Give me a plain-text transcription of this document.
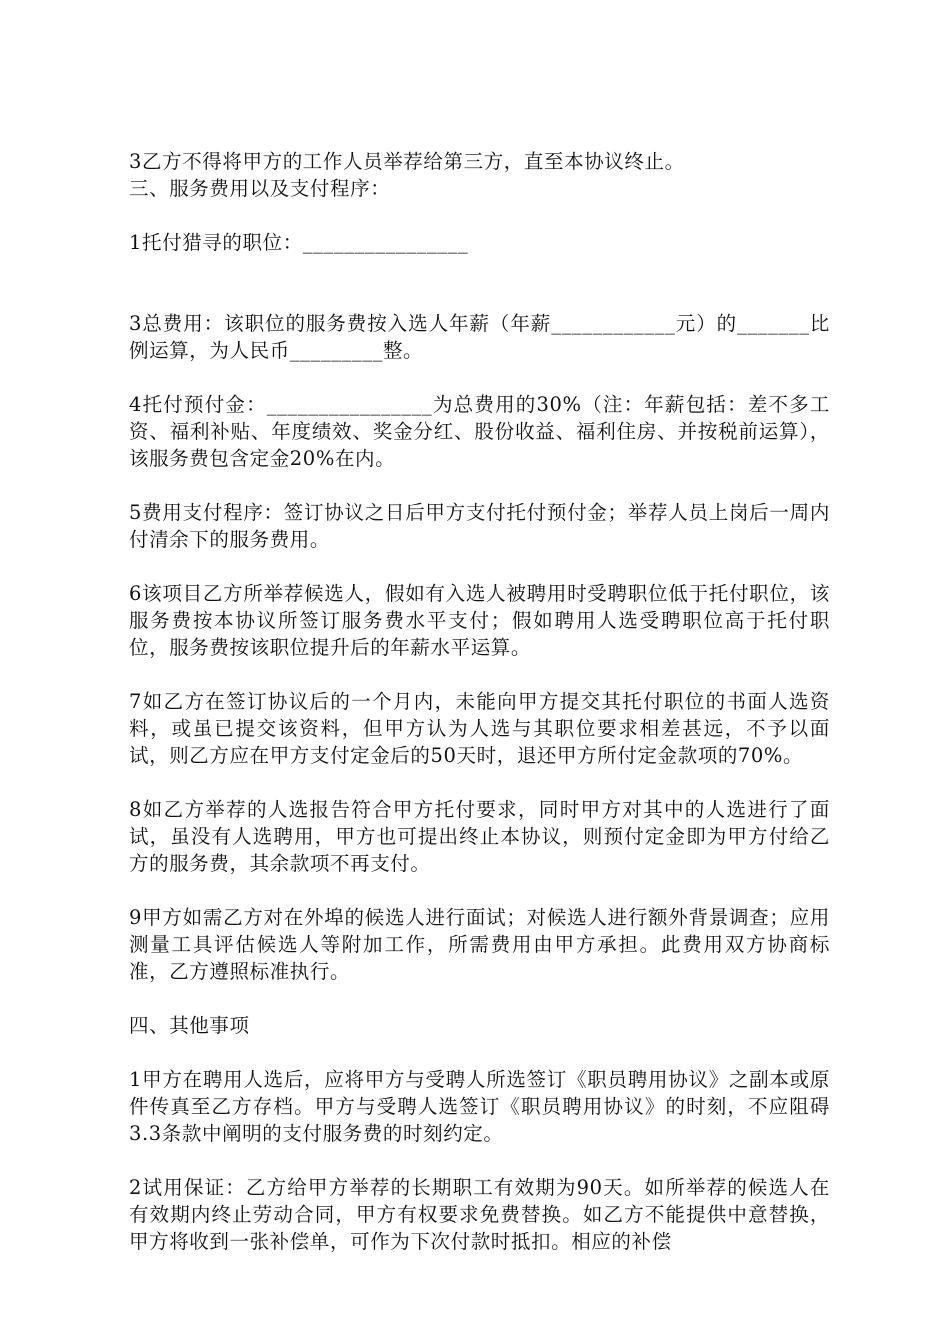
3乙方不得将甲方的工作人员举荐给第三方，直至本协议终止。

三、服务费用以及支付程序：

1托付猎寻的职位：________________

3总费用：该职位的服务费按入选人年薪（年薪____________元）的_______比例运算，为人民币_________整。

4托付预付金：________________为总费用的30%（注：年薪包括：差不多工资、福利补贴、年度绩效、奖金分红、股份收益、福利住房、并按税前运算），该服务费包含定金20%在内。

5费用支付程序：签订协议之日后甲方支付托付预付金；举荐人员上岗后一周内付清余下的服务费用。

6该项目乙方所举荐候选人，假如有入选人被聘用时受聘职位低于托付职位，该服务费按本协议所签订服务费水平支付；假如聘用人选受聘职位高于托付职位，服务费按该职位提升后的年薪水平运算。

7如乙方在签订协议后的一个月内，未能向甲方提交其托付职位的书面人选资料，或虽已提交该资料，但甲方认为人选与其职位要求相差甚远，不予以面试，则乙方应在甲方支付定金后的50天时，退还甲方所付定金款项的70%。

8如乙方举荐的人选报告符合甲方托付要求，同时甲方对其中的人选进行了面试，虽没有人选聘用，甲方也可提出终止本协议，则预付定金即为甲方付给乙方的服务费，其余款项不再支付。

9甲方如需乙方对在外埠的候选人进行面试；对候选人进行额外背景调查；应用测量工具评估候选人等附加工作，所需费用由甲方承担。此费用双方协商标准，乙方遵照标准执行。

四、其他事项

1甲方在聘用人选后，应将甲方与受聘人所选签订《职员聘用协议》之副本或原件传真至乙方存档。甲方与受聘人选签订《职员聘用协议》的时刻，不应阻碍3.3条款中阐明的支付服务费的时刻约定。

2试用保证：乙方给甲方举荐的长期职工有效期为90天。如所举荐的候选人在有效期内终止劳动合同，甲方有权要求免费替换。如乙方不能提供中意替换，甲方将收到一张补偿单，可作为下次付款时抵扣。相应的补偿
